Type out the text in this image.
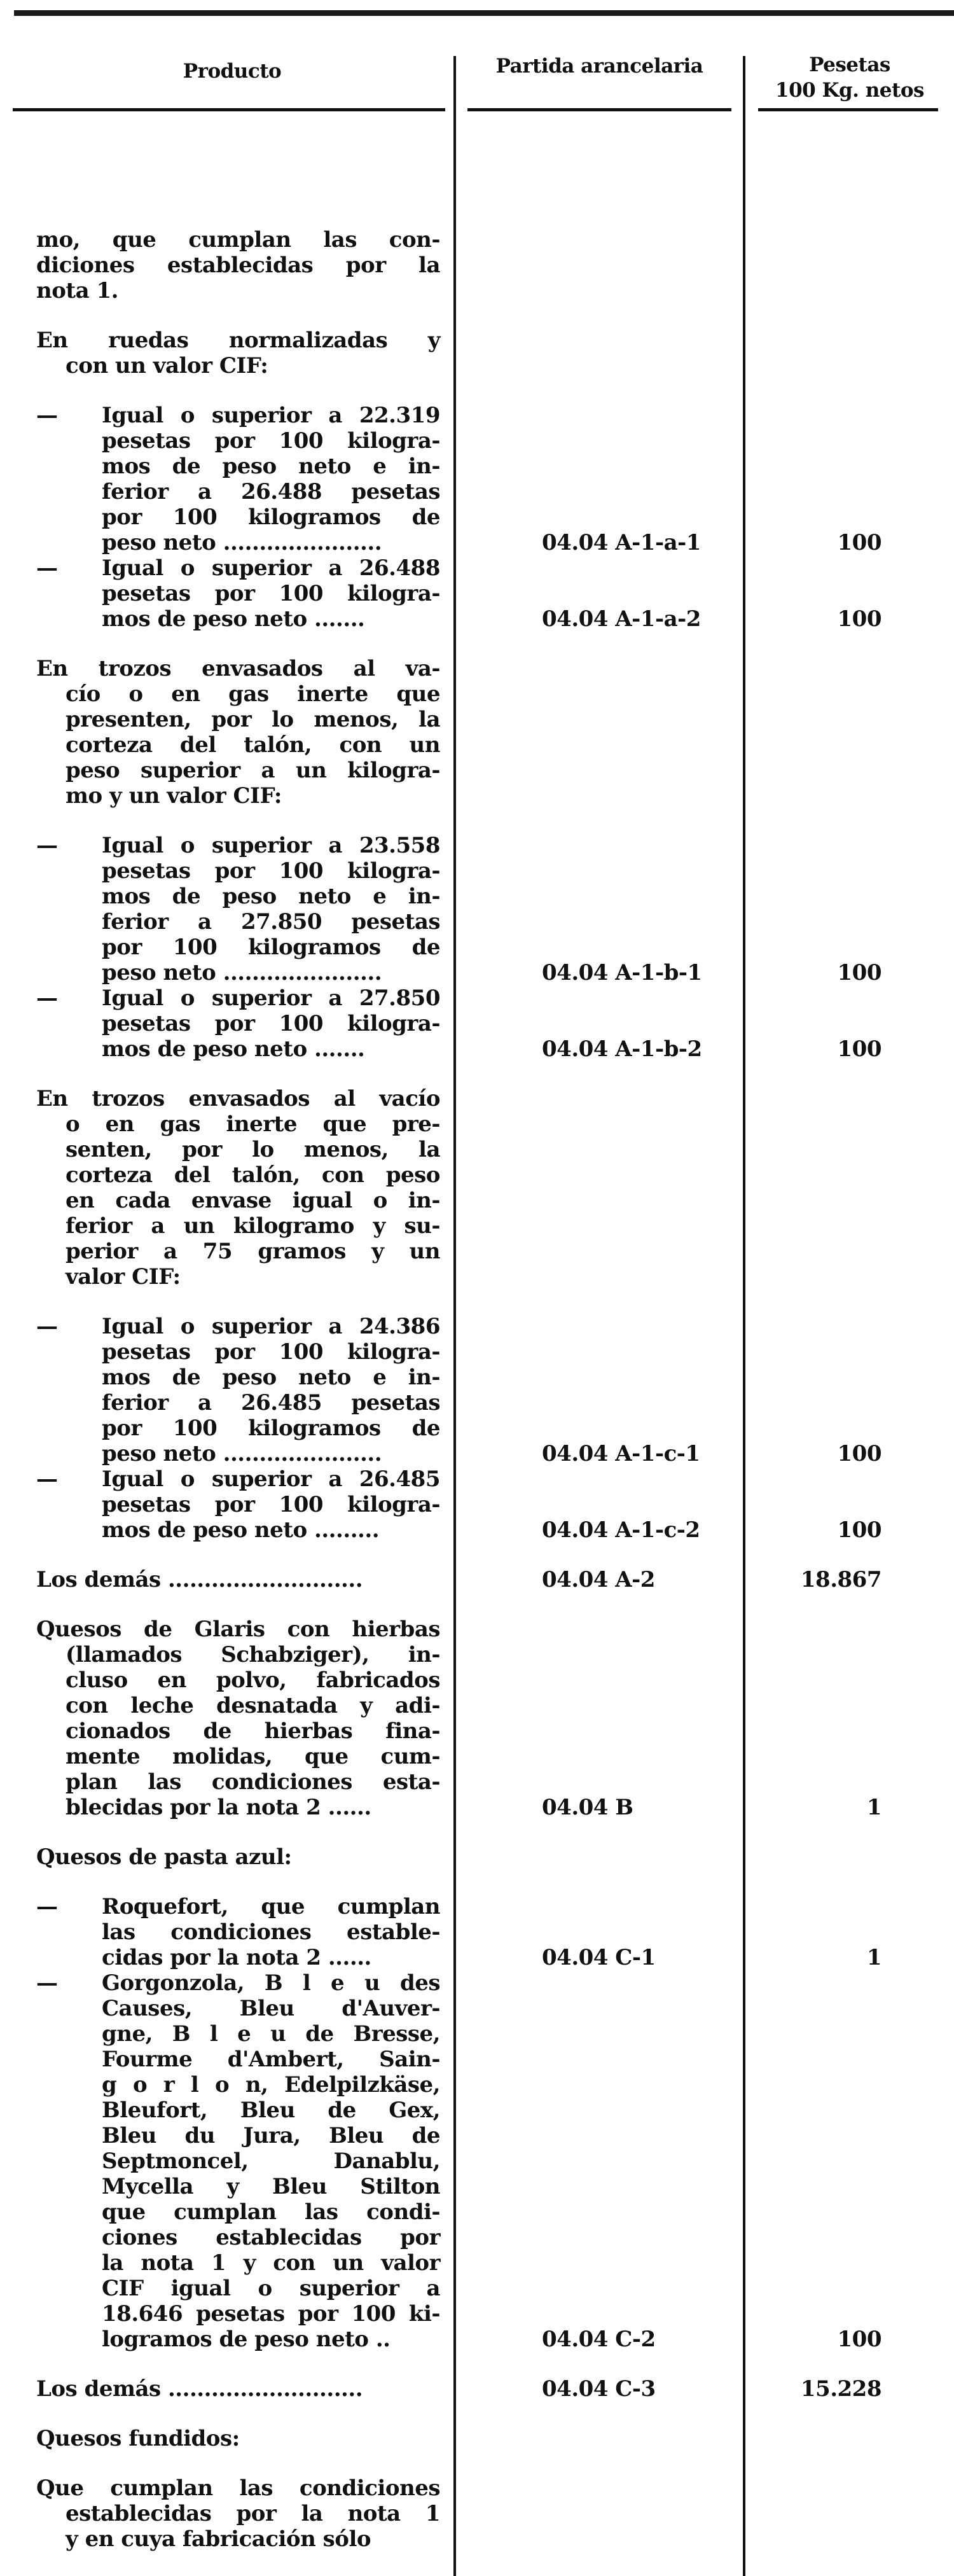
Producto	Partida arancelaria	Pesetas
100 Kg. netos
mo, que cumplan las con-
diciones establecidas por la
nota 1.
En ruedas normalizadas y
con un valor CIF:
— Igual o superior a 22.319
pesetas por 100 kilogra-
mos de peso neto e in-
ferior a 26.488 pesetas
por 100 kilogramos de
peso neto ......................	04.04 A-1-a-1	100
— Igual o superior a 26.488
pesetas por 100 kilogra-
mos de peso neto .......	04.04 A-1-a-2	100
En trozos envasados al va-
cío o en gas inerte que
presenten, por lo menos, la
corteza del talón, con un
peso superior a un kilogra-
mo y un valor CIF:
— Igual o superior a 23.558
pesetas por 100 kilogra-
mos de peso neto e in-
ferior a 27.850 pesetas
por 100 kilogramos de
peso neto ......................	04.04 A-1-b-1	100
— Igual o superior a 27.850
pesetas por 100 kilogra-
mos de peso neto .......	04.04 A-1-b-2	100
En trozos envasados al vacío
o en gas inerte que pre-
senten, por lo menos, la
corteza del talón, con peso
en cada envase igual o in-
ferior a un kilogramo y su-
perior a 75 gramos y un
valor CIF:
— Igual o superior a 24.386
pesetas por 100 kilogra-
mos de peso neto e in-
ferior a 26.485 pesetas
por 100 kilogramos de
peso neto ......................	04.04 A-1-c-1	100
— Igual o superior a 26.485
pesetas por 100 kilogra-
mos de peso neto .........	04.04 A-1-c-2	100
Los demás ...........................	04.04 A-2	18.867
Quesos de Glaris con hierbas
(llamados Schabziger), in-
cluso en polvo, fabricados
con leche desnatada y adi-
cionados de hierbas fina-
mente molidas, que cum-
plan las condiciones esta-
blecidas por la nota 2 ......	04.04 B	1
Quesos de pasta azul:
— Roquefort, que cumplan
las condiciones estable-
cidas por la nota 2 ......	04.04 C-1	1
— Gorgonzola, B l e u des
Causes, Bleu d'Auver-
gne, B l e u de Bresse,
Fourme d'Ambert, Sain-
g o r l o n, Edelpilzkäse,
Bleufort, Bleu de Gex,
Bleu du Jura, Bleu de
Septmoncel, Danablu,
Mycella y Bleu Stilton
que cumplan las condi-
ciones establecidas por
la nota 1 y con un valor
CIF igual o superior a
18.646 pesetas por 100 ki-
logramos de peso neto ..	04.04 C-2	100
Los demás ...........................	04.04 C-3	15.228
Quesos fundidos:
Que cumplan las condiciones
establecidas por la nota 1
y en cuya fabricación sólo
